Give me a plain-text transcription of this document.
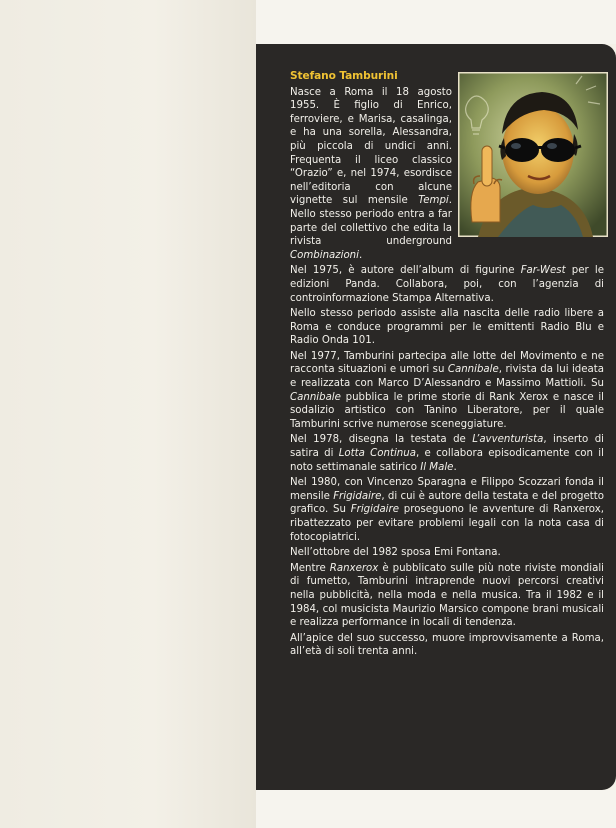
Stefano Tamburini

Nasce a Roma il 18 agosto 1955. È figlio di Enrico, ferroviere, e Marisa, casalinga, e ha una sorella, Alessandra, più piccola di undici anni. Frequenta il liceo classico “Orazio” e, nel 1974, esordisce nell’editoria con alcune vignette sul mensile Tempi. Nello stesso periodo entra a far parte del collettivo che edita la rivista underground Combinazioni.

Nel 1975, è autore dell’album di figurine Far-West per le edizioni Panda. Collabora, poi, con l’agenzia di controinformazione Stampa Alternativa.

Nello stesso periodo assiste alla nascita delle radio libere a Roma e conduce programmi per le emittenti Radio Blu e Radio Onda 101.

Nel 1977, Tamburini partecipa alle lotte del Movimento e ne racconta situazioni e umori su Cannibale, rivista da lui ideata e realizzata con Marco D’Alessandro e Massimo Mattioli. Su Cannibale pubblica le prime storie di Rank Xerox e nasce il sodalizio artistico con Tanino Liberatore, per il quale Tamburini scrive numerose sceneggiature.

Nel 1978, disegna la testata de L’avventurista, inserto di satira di Lotta Continua, e collabora episodicamente con il noto settimanale satirico Il Male.

Nel 1980, con Vincenzo Sparagna e Filippo Scozzari fonda il mensile Frigidaire, di cui è autore della testata e del progetto grafico. Su Frigidaire proseguono le avventure di Ranxerox, ribattezzato per evitare problemi legali con la nota casa di fotocopiatrici.

Nell’ottobre del 1982 sposa Emi Fontana.

Mentre Ranxerox è pubblicato sulle più note riviste mondiali di fumetto, Tamburini intraprende nuovi percorsi creativi nella pubblicità, nella moda e nella musica. Tra il 1982 e il 1984, col musicista Maurizio Marsico compone brani musicali e realizza performance in locali di tendenza.

All’apice del suo successo, muore improvvisamente a Roma, all’età di soli trenta anni.
